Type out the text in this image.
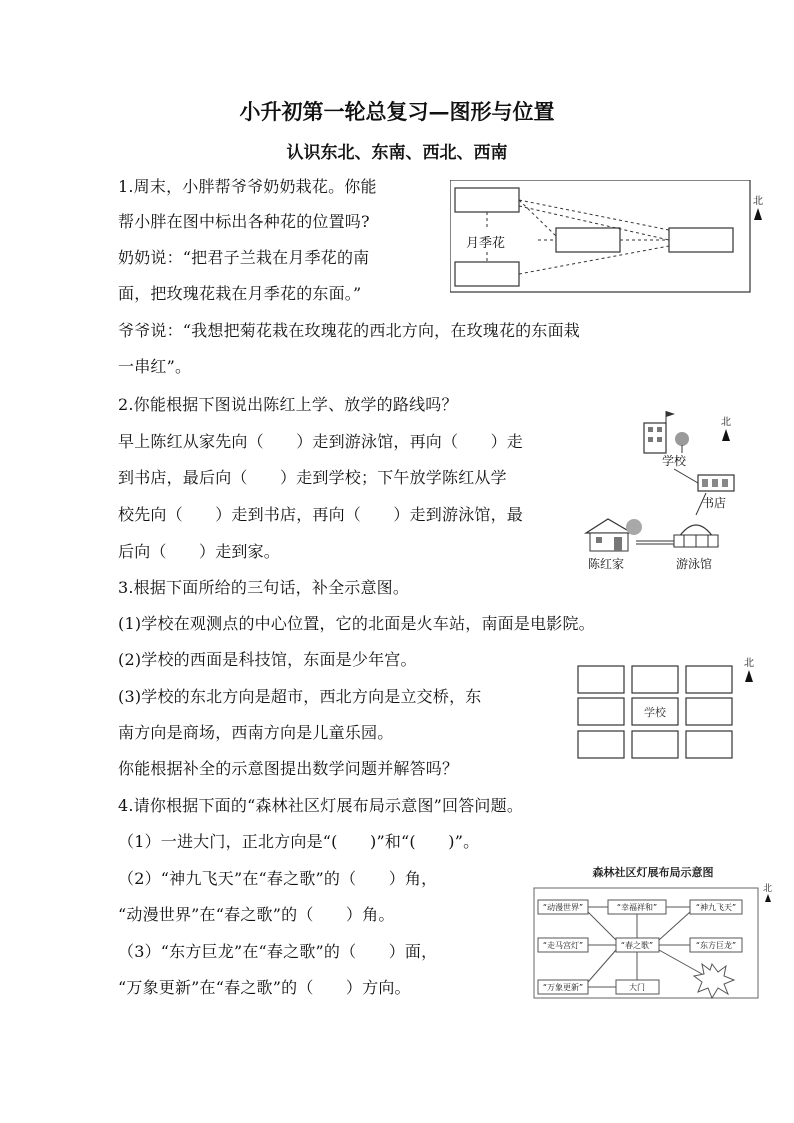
小升初第一轮总复习—图形与位置
认识东北、东南、西北、西南
1.周末，小胖帮爷爷奶奶栽花。你能
帮小胖在图中标出各种花的位置吗?
奶奶说：“把君子兰栽在月季花的南
面，把玫瑰花栽在月季花的东面。”
爷爷说：“我想把菊花栽在玫瑰花的西北方向，在玫瑰花的东面栽
一串红”。
月季花
北
2.你能根据下图说出陈红上学、放学的路线吗？
早上陈红从家先向（　　）走到游泳馆，再向（　　）走
到书店，最后向（　　）走到学校；下午放学陈红从学
校先向（　　）走到书店，再向（　　）走到游泳馆，最
后向（　　）走到家。
学校
书店
游泳馆
陈红家
北
3.根据下面所给的三句话，补全示意图。
(1)学校在观测点的中心位置，它的北面是火车站，南面是电影院。
(2)学校的西面是科技馆，东面是少年宫。
(3)学校的东北方向是超市，西北方向是立交桥，东
南方向是商场，西南方向是儿童乐园。
你能根据补全的示意图提出数学问题并解答吗？
学校
北
4.请你根据下面的“森林社区灯展布局示意图”回答问题。
（1）一进大门，正北方向是“(　　)”和“(　　)”。
（2）“神九飞天”在“春之歌”的（　　）角，
“动漫世界”在“春之歌”的（　　）角。
（3）“东方巨龙”在“春之歌”的（　　）面，
“万象更新”在“春之歌”的（　　）方向。
森林社区灯展布局示意图
北
“动漫世界”	“幸福祥和”	“神九飞天”
“走马宫灯”	“春之歌”	“东方巨龙”
“万象更新”	大门
